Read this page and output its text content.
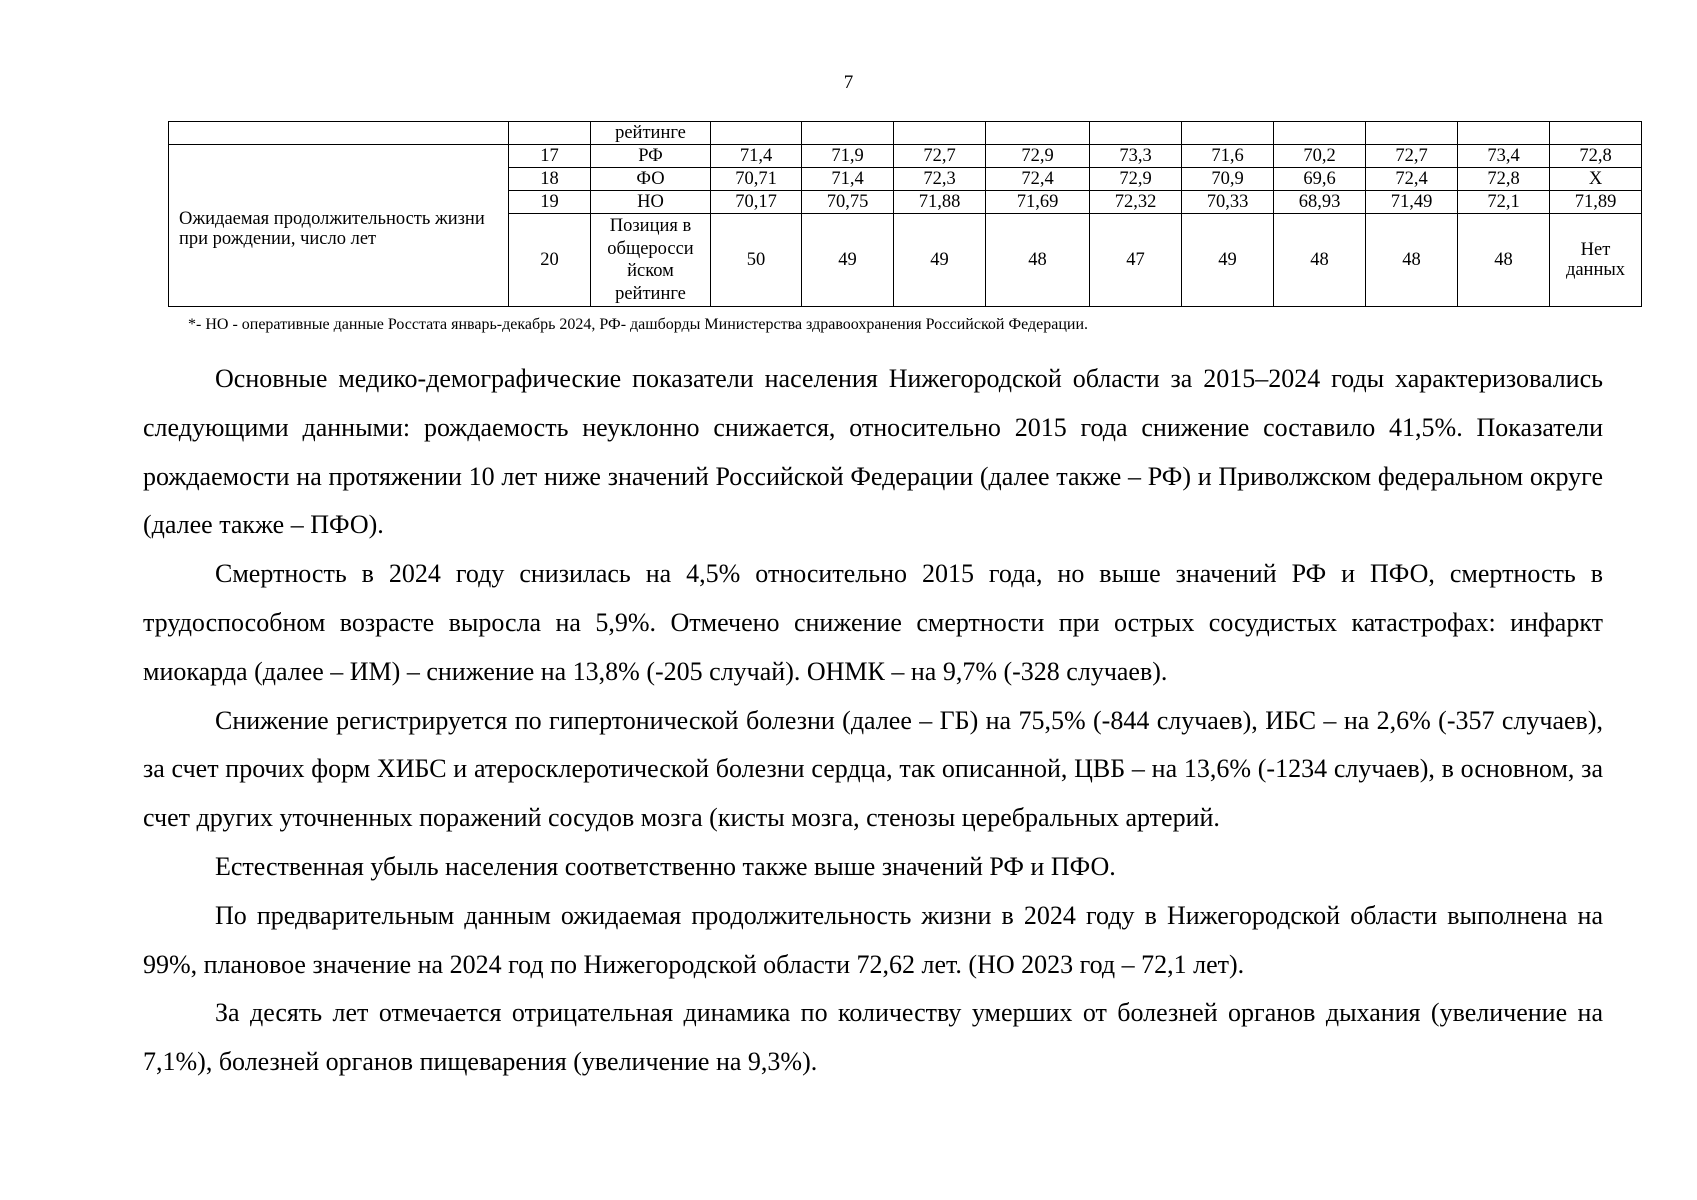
7
		рейтинге										
Ожидаемая продолжительность жизни при рождении, число лет	17	РФ	71,4	71,9	72,7	72,9	73,3	71,6	70,2	72,7	73,4	72,8
	18	ФО	70,71	71,4	72,3	72,4	72,9	70,9	69,6	72,4	72,8	Х
	19	НО	70,17	70,75	71,88	71,69	72,32	70,33	68,93	71,49	72,1	71,89
	20	Позиция в
общеросси
йском
рейтинге	50	49	49	48	47	49	48	48	48	Нет данных
*- НО - оперативные данные Росстата январь-декабрь 2024, РФ- дашборды Министерства здравоохранения Российской Федерации.

Основные медико-демографические показатели населения Нижегородской области за 2015–2024 годы характеризовались следующими данными: рождаемость неуклонно снижается, относительно 2015 года снижение составило 41,5%. Показатели рождаемости на протяжении 10 лет ниже значений Российской Федерации (далее также – РФ) и Приволжском федеральном округе (далее также – ПФО).

Смертность в 2024 году снизилась на 4,5% относительно 2015 года, но выше значений РФ и ПФО, смертность в трудоспособном возрасте выросла на 5,9%. Отмечено снижение смертности при острых сосудистых катастрофах: инфаркт миокарда (далее – ИМ) – снижение на 13,8% (-205 случай). ОНМК – на 9,7% (-328 случаев).

Снижение регистрируется по гипертонической болезни (далее – ГБ) на 75,5% (-844 случаев), ИБС – на 2,6% (-357 случаев), за счет прочих форм ХИБС и атеросклеротической болезни сердца, так описанной, ЦВБ – на 13,6% (-1234 случаев), в основном, за счет других уточненных поражений сосудов мозга (кисты мозга, стенозы церебральных артерий.

Естественная убыль населения соответственно также выше значений РФ и ПФО.

По предварительным данным ожидаемая продолжительность жизни в 2024 году в Нижегородской области выполнена на 99%, плановое значение на 2024 год по Нижегородской области 72,62 лет. (НО 2023 год – 72,1 лет).

За десять лет отмечается отрицательная динамика по количеству умерших от болезней органов дыхания (увеличение на 7,1%), болезней органов пищеварения (увеличение на 9,3%).
